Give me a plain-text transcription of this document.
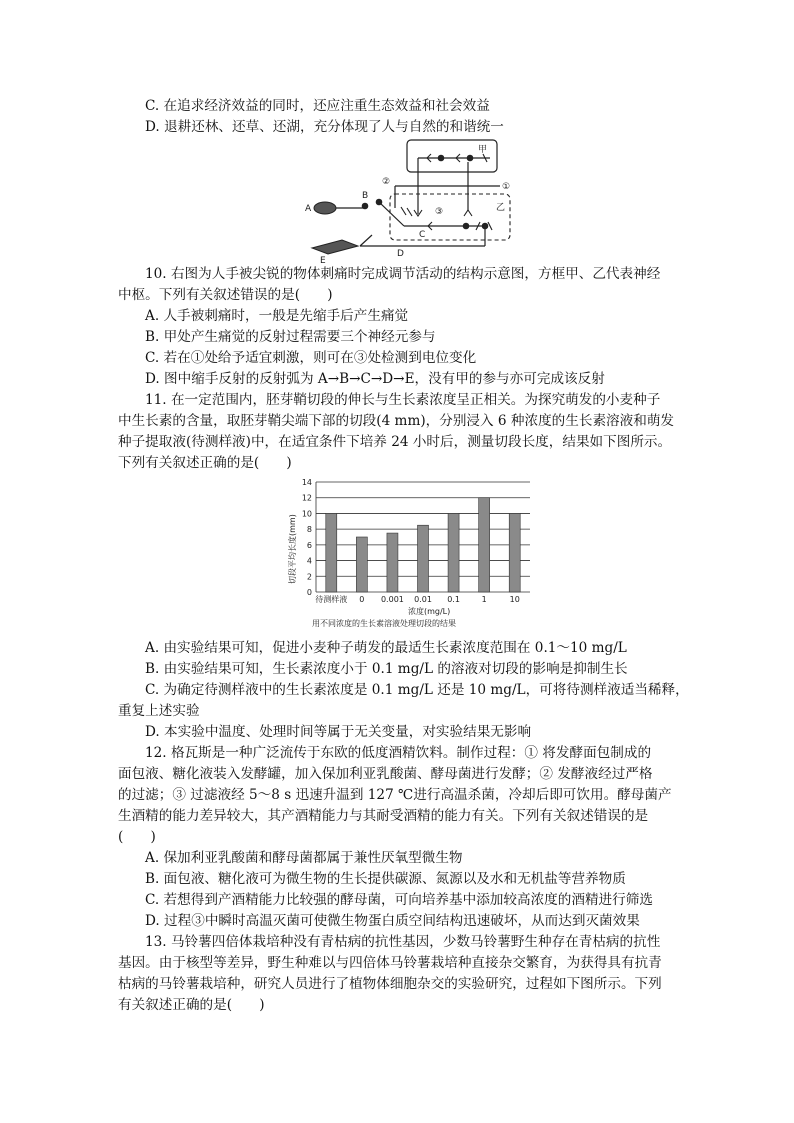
C. 在追求经济效益的同时，还应注重生态效益和社会效益
D. 退耕还林、还草、还湖，充分体现了人与自然的和谐统一
甲
乙
①
②
③
A
B
C
D
E
10. 右图为人手被尖锐的物体刺痛时完成调节活动的结构示意图，方框甲、乙代表神经
中枢。下列有关叙述错误的是(　　)
A. 人手被刺痛时，一般是先缩手后产生痛觉
B. 甲处产生痛觉的反射过程需要三个神经元参与
C. 若在①处给予适宜刺激，则可在③处检测到电位变化
D. 图中缩手反射的反射弧为 A→B→C→D→E，没有甲的参与亦可完成该反射
11. 在一定范围内，胚芽鞘切段的伸长与生长素浓度呈正相关。为探究萌发的小麦种子
中生长素的含量，取胚芽鞘尖端下部的切段(4 mm)，分别浸入 6 种浓度的生长素溶液和萌发
种子提取液(待测样液)中，在适宜条件下培养 24 小时后，测量切段长度，结果如下图所示。
下列有关叙述正确的是(　　)
0
2
4
6
8
10
12
14
待测样液 0 0.001 0.01 0.1	1	10
切段平均长度(mm)
浓度(mg/L)
用不同浓度的生长素溶液处理切段的结果
A. 由实验结果可知，促进小麦种子萌发的最适生长素浓度范围在 0.1～10 mg/L
B. 由实验结果可知，生长素浓度小于 0.1 mg/L 的溶液对切段的影响是抑制生长
C. 为确定待测样液中的生长素浓度是 0.1 mg/L 还是 10 mg/L，可将待测样液适当稀释，
重复上述实验
D. 本实验中温度、处理时间等属于无关变量，对实验结果无影响
12. 格瓦斯是一种广泛流传于东欧的低度酒精饮料。制作过程：① 将发酵面包制成的
面包液、糖化液装入发酵罐，加入保加利亚乳酸菌、酵母菌进行发酵；② 发酵液经过严格
的过滤；③ 过滤液经 5～8 s 迅速升温到 127 ℃进行高温杀菌，冷却后即可饮用。酵母菌产
生酒精的能力差异较大，其产酒精能力与其耐受酒精的能力有关。下列有关叙述错误的是
(　　)
A. 保加利亚乳酸菌和酵母菌都属于兼性厌氧型微生物
B. 面包液、糖化液可为微生物的生长提供碳源、氮源以及水和无机盐等营养物质
C. 若想得到产酒精能力比较强的酵母菌，可向培养基中添加较高浓度的酒精进行筛选
D. 过程③中瞬时高温灭菌可使微生物蛋白质空间结构迅速破坏，从而达到灭菌效果
13. 马铃薯四倍体栽培种没有青枯病的抗性基因，少数马铃薯野生种存在青枯病的抗性
基因。由于核型等差异，野生种难以与四倍体马铃薯栽培种直接杂交繁育，为获得具有抗青
枯病的马铃薯栽培种，研究人员进行了植物体细胞杂交的实验研究，过程如下图所示。下列
有关叙述正确的是(　　)
